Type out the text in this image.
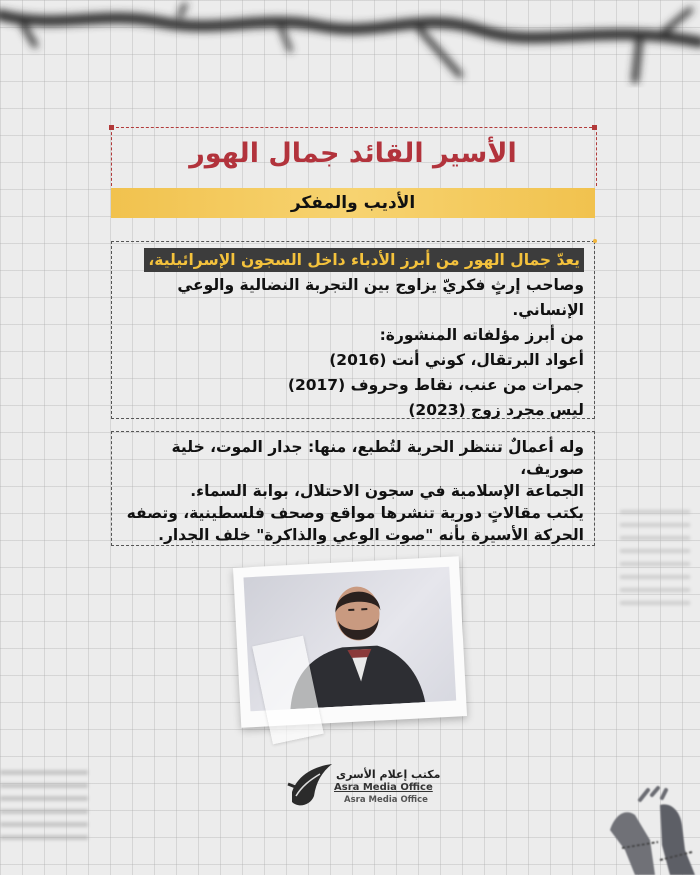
الأسير القائد جمال الهور
الأديب والمفكر
يعدّ جمال الهور من أبرز الأدباء داخل السجون الإسرائيلية،
وصاحب إرثٍ فكريّ يزاوج بين التجربة النضالية والوعي الإنساني.
من أبرز مؤلفاته المنشورة:
أعواد البرتقال، كوني أنت (2016)
جمرات من عنب، نقاط وحروف (2017)
ليس مجرد زوج (2023)
وله أعمالٌ تنتظر الحرية لتُطبع، منها: جدار الموت، خلية صوريف،
الجماعة الإسلامية في سجون الاحتلال، بوابة السماء.
يكتب مقالاتٍ دورية تنشرها مواقع وصحف فلسطينية، وتصفه
الحركة الأسيرة بأنه "صوت الوعي والذاكرة" خلف الجدار.
مكتب إعلام الأسرى
Asra Media Office
Asra Media Office
